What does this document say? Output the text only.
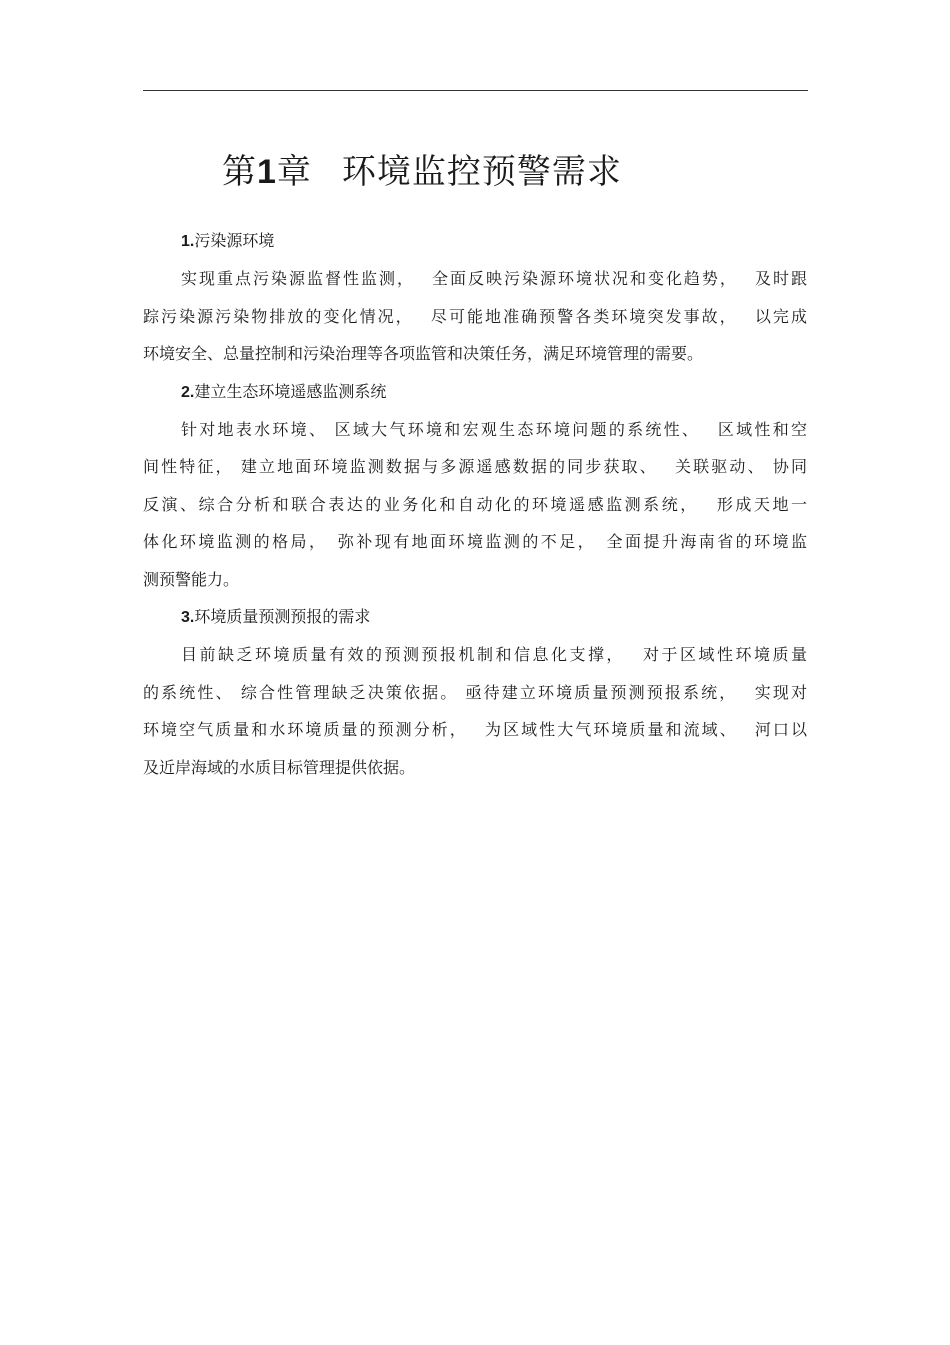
第1章 环境监控预警需求
1.污染源环境

实现重点污染源监督性监测，　 全面反映污染源环境状况和变化趋势，　 及时跟
踪污染源污染物排放的变化情况，　 尽可能地准确预警各类环境突发事故，　 以完成
环境安全、总量控制和污染治理等各项监管和决策任务，满足环境管理的需要。

2.建立生态环境遥感监测系统

针对地表水环境、 区域大气环境和宏观生态环境问题的系统性、　 区域性和空
间性特征， 建立地面环境监测数据与多源遥感数据的同步获取、　 关联驱动、 协同
反演、综合分析和联合表达的业务化和自动化的环境遥感监测系统，　 形成天地一
体化环境监测的格局，　弥补现有地面环境监测的不足，　全面提升海南省的环境监
测预警能力。

3.环境质量预测预报的需求

目前缺乏环境质量有效的预测预报机制和信息化支撑，　 对于区域性环境质量
的系统性、 综合性管理缺乏决策依据。 亟待建立环境质量预测预报系统，　 实现对
环境空气质量和水环境质量的预测分析，　 为区域性大气环境质量和流域、　 河口以
及近岸海域的水质目标管理提供依据。
